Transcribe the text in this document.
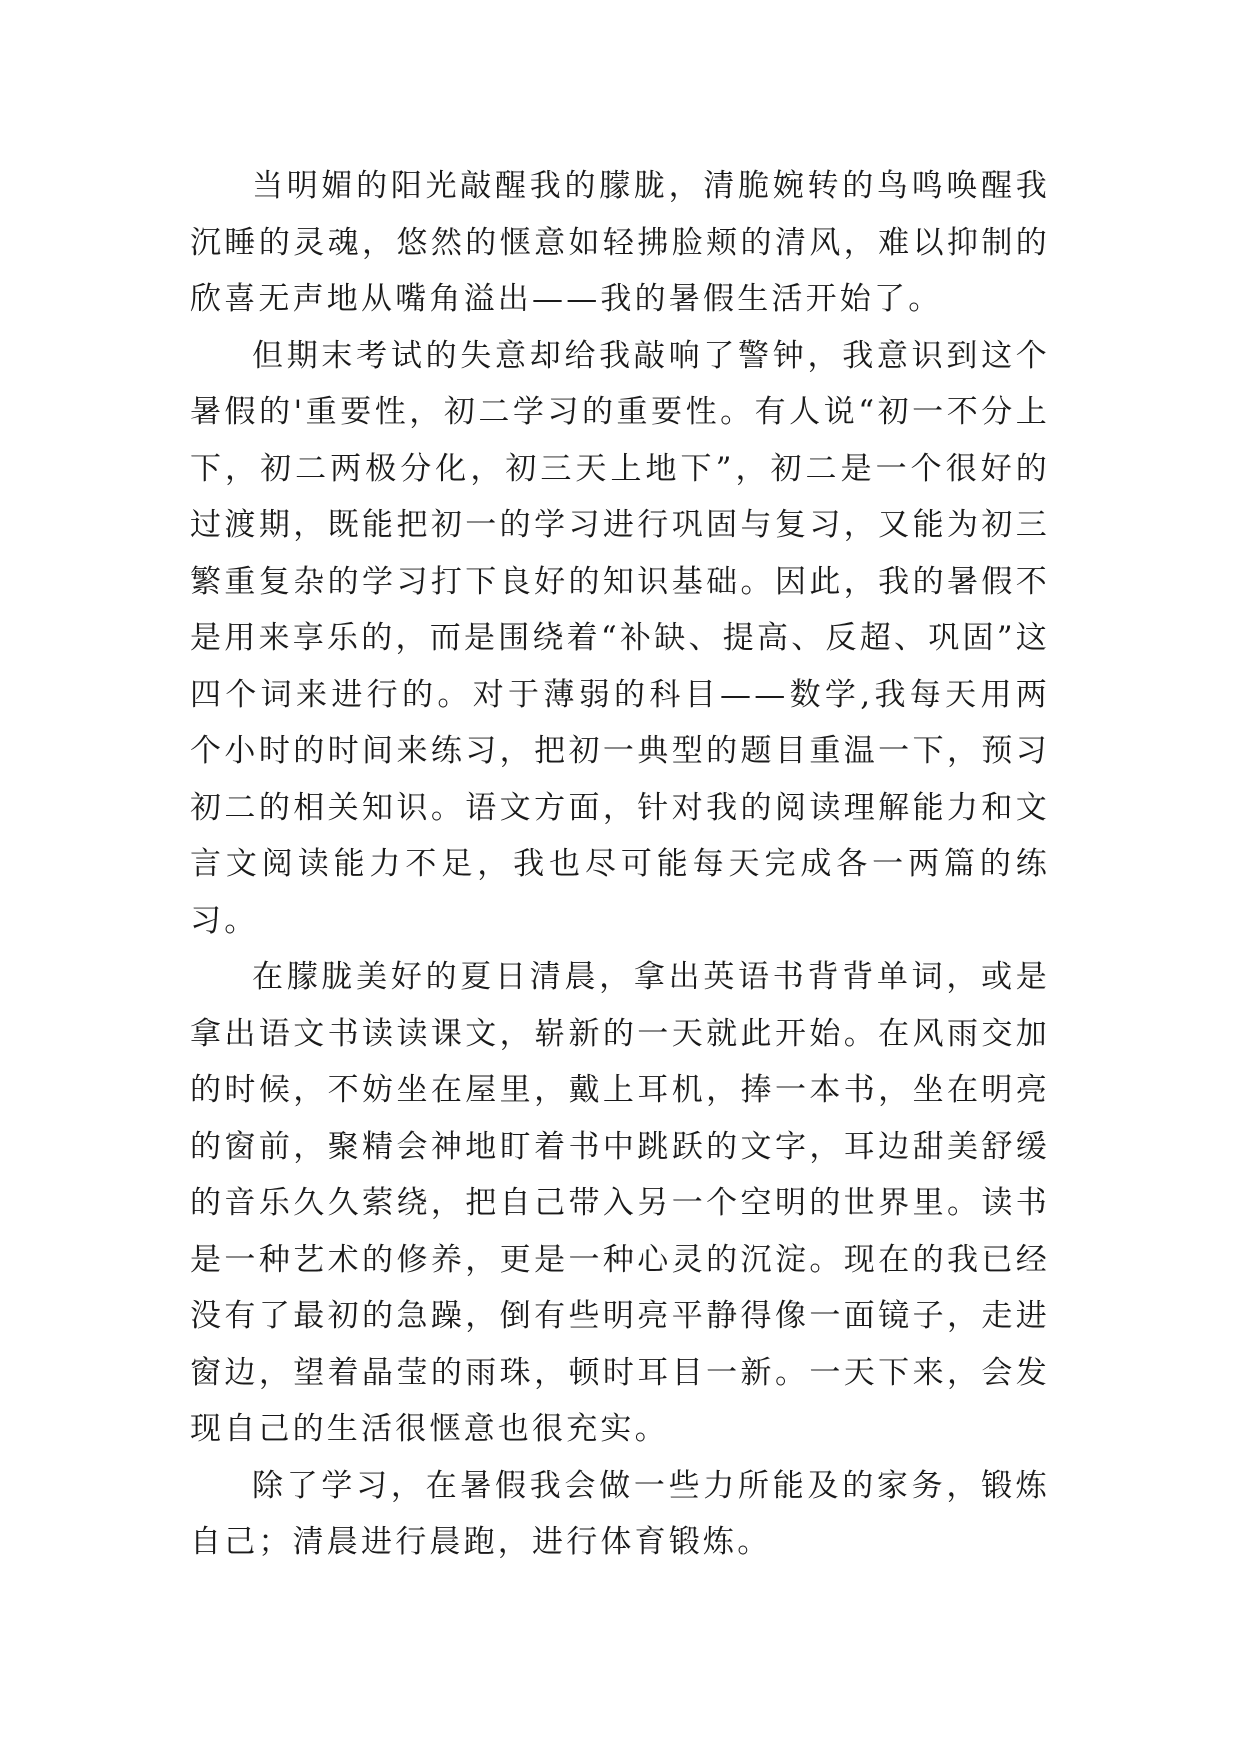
当明媚的阳光敲醒我的朦胧，清脆婉转的鸟鸣唤醒我沉睡的灵魂，悠然的惬意如轻拂脸颊的清风，难以抑制的欣喜无声地从嘴角溢出——我的暑假生活开始了。

但期末考试的失意却给我敲响了警钟，我意识到这个暑假的'重要性，初二学习的重要性。有人说“初一不分上下，初二两极分化，初三天上地下”，初二是一个很好的过渡期，既能把初一的学习进行巩固与复习，又能为初三繁重复杂的学习打下良好的知识基础。因此，我的暑假不是用来享乐的，而是围绕着“补缺、提高、反超、巩固”这四个词来进行的。对于薄弱的科目——数学,我每天用两个小时的时间来练习，把初一典型的题目重温一下，预习初二的相关知识。语文方面，针对我的阅读理解能力和文言文阅读能力不足，我也尽可能每天完成各一两篇的练习。

在朦胧美好的夏日清晨，拿出英语书背背单词，或是拿出语文书读读课文，崭新的一天就此开始。在风雨交加的时候，不妨坐在屋里，戴上耳机，捧一本书，坐在明亮的窗前，聚精会神地盯着书中跳跃的文字，耳边甜美舒缓的音乐久久萦绕，把自己带入另一个空明的世界里。读书是一种艺术的修养，更是一种心灵的沉淀。现在的我已经没有了最初的急躁，倒有些明亮平静得像一面镜子，走进窗边，望着晶莹的雨珠，顿时耳目一新。一天下来，会发现自己的生活很惬意也很充实。

除了学习，在暑假我会做一些力所能及的家务，锻炼自己；清晨进行晨跑，进行体育锻炼。
